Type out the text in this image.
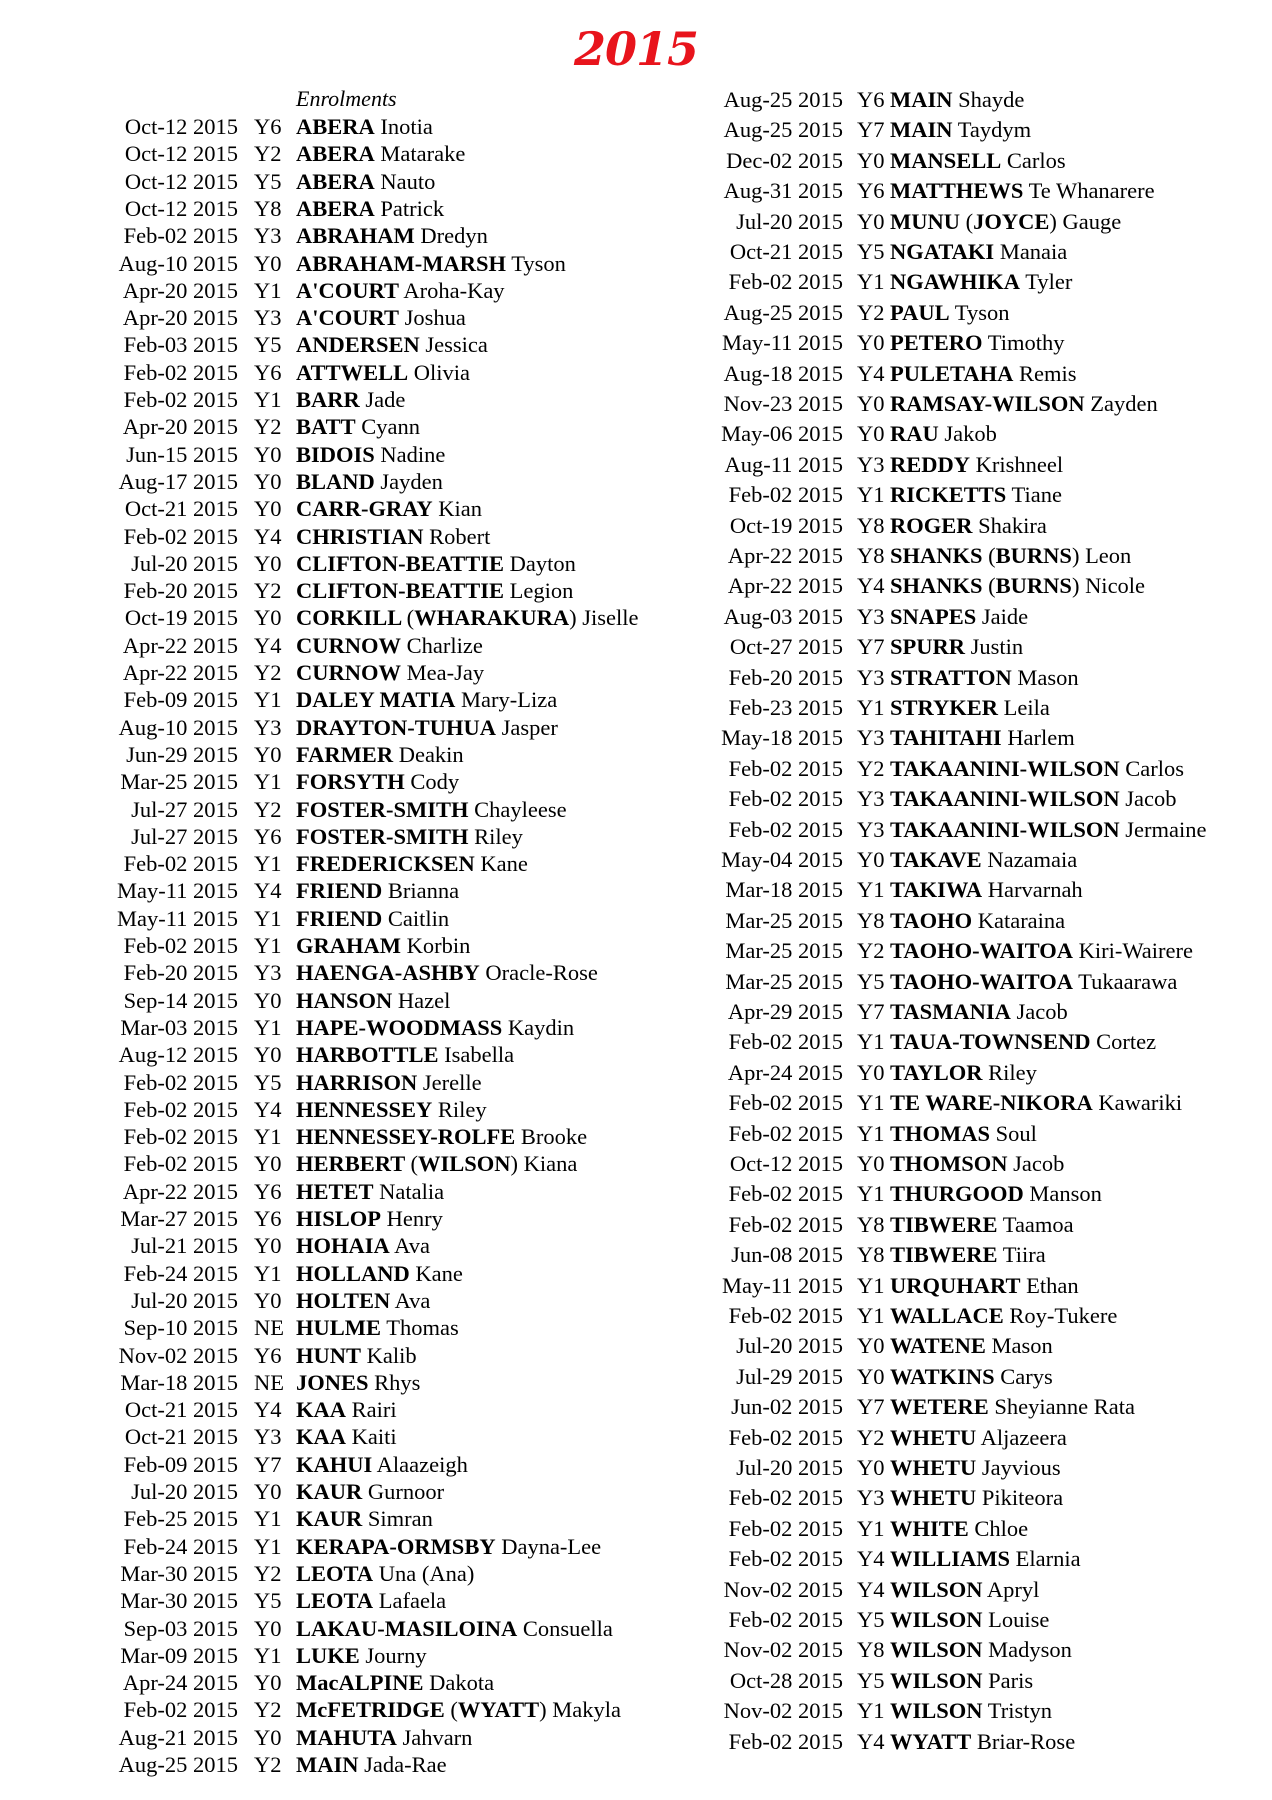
2015
Enrolments
Oct-12 2015 Y6 ABERA Inotia
Oct-12 2015 Y2 ABERA Matarake
Oct-12 2015 Y5 ABERA Nauto
Oct-12 2015 Y8 ABERA Patrick
Feb-02 2015 Y3 ABRAHAM Dredyn
Aug-10 2015 Y0 ABRAHAM-MARSH Tyson
Apr-20 2015 Y1 A'COURT Aroha-Kay
Apr-20 2015 Y3 A'COURT Joshua
Feb-03 2015 Y5 ANDERSEN Jessica
Feb-02 2015 Y6 ATTWELL Olivia
Feb-02 2015 Y1 BARR Jade
Apr-20 2015 Y2 BATT Cyann
Jun-15 2015 Y0 BIDOIS Nadine
Aug-17 2015 Y0 BLAND Jayden
Oct-21 2015 Y0 CARR-GRAY Kian
Feb-02 2015 Y4 CHRISTIAN Robert
Jul-20 2015 Y0 CLIFTON-BEATTIE Dayton
Feb-20 2015 Y2 CLIFTON-BEATTIE Legion
Oct-19 2015 Y0 CORKILL (WHARAKURA) Jiselle
Apr-22 2015 Y4 CURNOW Charlize
Apr-22 2015 Y2 CURNOW Mea-Jay
Feb-09 2015 Y1 DALEY MATIA Mary-Liza
Aug-10 2015 Y3 DRAYTON-TUHUA Jasper
Jun-29 2015 Y0 FARMER Deakin
Mar-25 2015 Y1 FORSYTH Cody
Jul-27 2015 Y2 FOSTER-SMITH Chayleese
Jul-27 2015 Y6 FOSTER-SMITH Riley
Feb-02 2015 Y1 FREDERICKSEN Kane
May-11 2015 Y4 FRIEND Brianna
May-11 2015 Y1 FRIEND Caitlin
Feb-02 2015 Y1 GRAHAM Korbin
Feb-20 2015 Y3 HAENGA-ASHBY Oracle-Rose
Sep-14 2015 Y0 HANSON Hazel
Mar-03 2015 Y1 HAPE-WOODMASS Kaydin
Aug-12 2015 Y0 HARBOTTLE Isabella
Feb-02 2015 Y5 HARRISON Jerelle
Feb-02 2015 Y4 HENNESSEY Riley
Feb-02 2015 Y1 HENNESSEY-ROLFE Brooke
Feb-02 2015 Y0 HERBERT (WILSON) Kiana
Apr-22 2015 Y6 HETET Natalia
Mar-27 2015 Y6 HISLOP Henry
Jul-21 2015 Y0 HOHAIA Ava
Feb-24 2015 Y1 HOLLAND Kane
Jul-20 2015 Y0 HOLTEN Ava
Sep-10 2015 NE HULME Thomas
Nov-02 2015 Y6 HUNT Kalib
Mar-18 2015 NE JONES Rhys
Oct-21 2015 Y4 KAA Rairi
Oct-21 2015 Y3 KAA Kaiti
Feb-09 2015 Y7 KAHUI Alaazeigh
Jul-20 2015 Y0 KAUR Gurnoor
Feb-25 2015 Y1 KAUR Simran
Feb-24 2015 Y1 KERAPA-ORMSBY Dayna-Lee
Mar-30 2015 Y2 LEOTA Una (Ana)
Mar-30 2015 Y5 LEOTA Lafaela
Sep-03 2015 Y0 LAKAU-MASILOINA Consuella
Mar-09 2015 Y1 LUKE Journy
Apr-24 2015 Y0 MacALPINE Dakota
Feb-02 2015 Y2 McFETRIDGE (WYATT) Makyla
Aug-21 2015 Y0 MAHUTA Jahvarn
Aug-25 2015 Y2 MAIN Jada-Rae
Aug-25 2015 Y6 MAIN Shayde
Aug-25 2015 Y7 MAIN Taydym
Dec-02 2015 Y0 MANSELL Carlos
Aug-31 2015 Y6 MATTHEWS Te Whanarere
Jul-20 2015 Y0 MUNU (JOYCE) Gauge
Oct-21 2015 Y5 NGATAKI Manaia
Feb-02 2015 Y1 NGAWHIKA Tyler
Aug-25 2015 Y2 PAUL Tyson
May-11 2015 Y0 PETERO Timothy
Aug-18 2015 Y4 PULETAHA Remis
Nov-23 2015 Y0 RAMSAY-WILSON Zayden
May-06 2015 Y0 RAU Jakob
Aug-11 2015 Y3 REDDY Krishneel
Feb-02 2015 Y1 RICKETTS Tiane
Oct-19 2015 Y8 ROGER Shakira
Apr-22 2015 Y8 SHANKS (BURNS) Leon
Apr-22 2015 Y4 SHANKS (BURNS) Nicole
Aug-03 2015 Y3 SNAPES Jaide
Oct-27 2015 Y7 SPURR Justin
Feb-20 2015 Y3 STRATTON Mason
Feb-23 2015 Y1 STRYKER Leila
May-18 2015 Y3 TAHITAHI Harlem
Feb-02 2015 Y2 TAKAANINI-WILSON Carlos
Feb-02 2015 Y3 TAKAANINI-WILSON Jacob
Feb-02 2015 Y3 TAKAANINI-WILSON Jermaine
May-04 2015 Y0 TAKAVE Nazamaia
Mar-18 2015 Y1 TAKIWA Harvarnah
Mar-25 2015 Y8 TAOHO Kataraina
Mar-25 2015 Y2 TAOHO-WAITOA Kiri-Wairere
Mar-25 2015 Y5 TAOHO-WAITOA Tukaarawa
Apr-29 2015 Y7 TASMANIA Jacob
Feb-02 2015 Y1 TAUA-TOWNSEND Cortez
Apr-24 2015 Y0 TAYLOR Riley
Feb-02 2015 Y1 TE WARE-NIKORA Kawariki
Feb-02 2015 Y1 THOMAS Soul
Oct-12 2015 Y0 THOMSON Jacob
Feb-02 2015 Y1 THURGOOD Manson
Feb-02 2015 Y8 TIBWERE Taamoa
Jun-08 2015 Y8 TIBWERE Tiira
May-11 2015 Y1 URQUHART Ethan
Feb-02 2015 Y1 WALLACE Roy-Tukere
Jul-20 2015 Y0 WATENE Mason
Jul-29 2015 Y0 WATKINS Carys
Jun-02 2015 Y7 WETERE Sheyianne Rata
Feb-02 2015 Y2 WHETU Aljazeera
Jul-20 2015 Y0 WHETU Jayvious
Feb-02 2015 Y3 WHETU Pikiteora
Feb-02 2015 Y1 WHITE Chloe
Feb-02 2015 Y4 WILLIAMS Elarnia
Nov-02 2015 Y4 WILSON Apryl
Feb-02 2015 Y5 WILSON Louise
Nov-02 2015 Y8 WILSON Madyson
Oct-28 2015 Y5 WILSON Paris
Nov-02 2015 Y1 WILSON Tristyn
Feb-02 2015 Y4 WYATT Briar-Rose
